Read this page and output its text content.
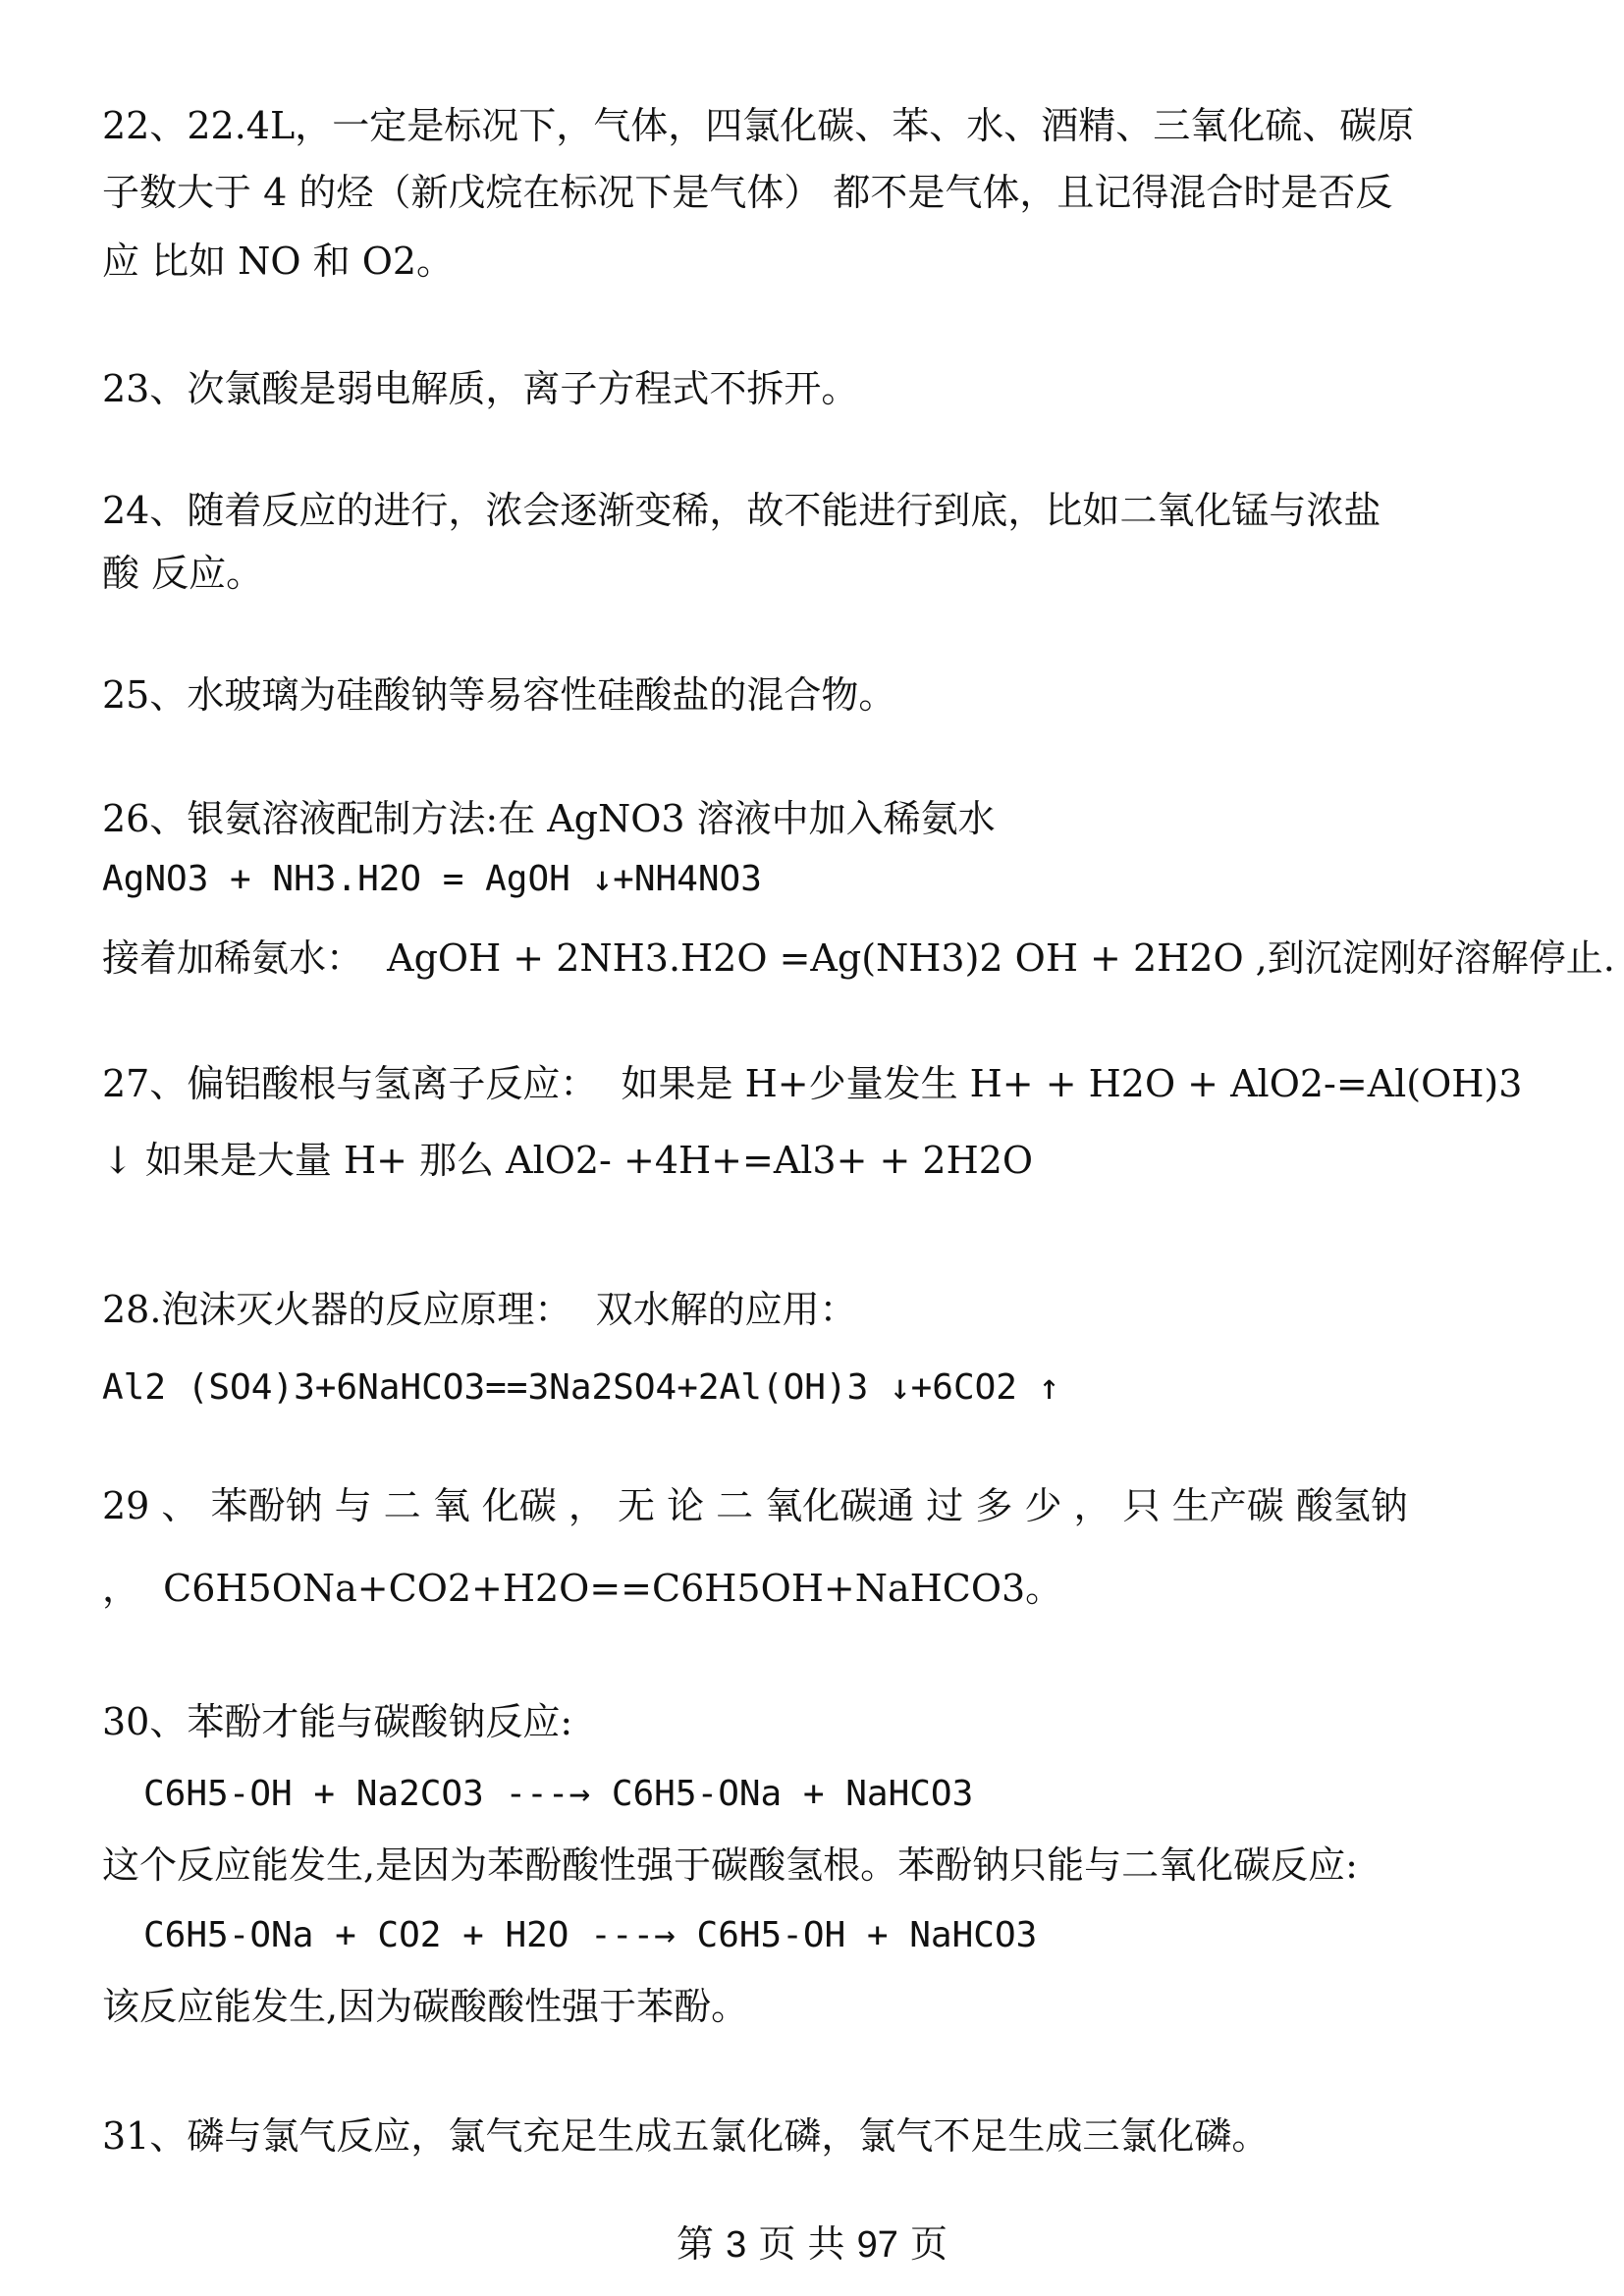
22、22.4L，一定是标况下，气体，四氯化碳、苯、水、酒精、三氧化硫、碳原
子数大于 4 的烃（新戊烷在标况下是气体） 都不是气体，且记得混合时是否反
应 比如 NO 和 O2。
23、次氯酸是弱电解质，离子方程式不拆开。
24、随着反应的进行，浓会逐渐变稀，故不能进行到底，比如二氧化锰与浓盐
酸 反应。
25、水玻璃为硅酸钠等易容性硅酸盐的混合物。
26、银氨溶液配制方法:在 AgNO3 溶液中加入稀氨水
AgNO3 + NH3.H2O = AgOH ↓+NH4NO3
接着加稀氨水：  AgOH + 2NH3.H2O =Ag(NH3)2 OH + 2H2O ,到沉淀刚好溶解停止.
27、偏铝酸根与氢离子反应：  如果是 H+少量发生 H+ + H2O + AlO2-=Al(OH)3
↓ 如果是大量 H+ 那么 AlO2- +4H+=Al3+ + 2H2O
28.泡沫灭火器的反应原理：  双水解的应用：
Al2 (SO4)3+6NaHCO3==3Na2SO4+2Al(OH)3 ↓+6CO2 ↑
29 、 苯酚钠 与 二 氧 化碳 ， 无 论 二 氧化碳通 过 多 少 ， 只 生产碳 酸氢钠
，  C6H5ONa+CO2+H2O==C6H5OH+NaHCO3。
30、苯酚才能与碳酸钠反应:
C6H5-OH + Na2CO3 ---→ C6H5-ONa + NaHCO3
这个反应能发生,是因为苯酚酸性强于碳酸氢根。苯酚钠只能与二氧化碳反应:
C6H5-ONa + CO2 + H2O ---→ C6H5-OH + NaHCO3
该反应能发生,因为碳酸酸性强于苯酚。
31、磷与氯气反应，氯气充足生成五氯化磷，氯气不足生成三氯化磷。
第 3 页 共 97 页
